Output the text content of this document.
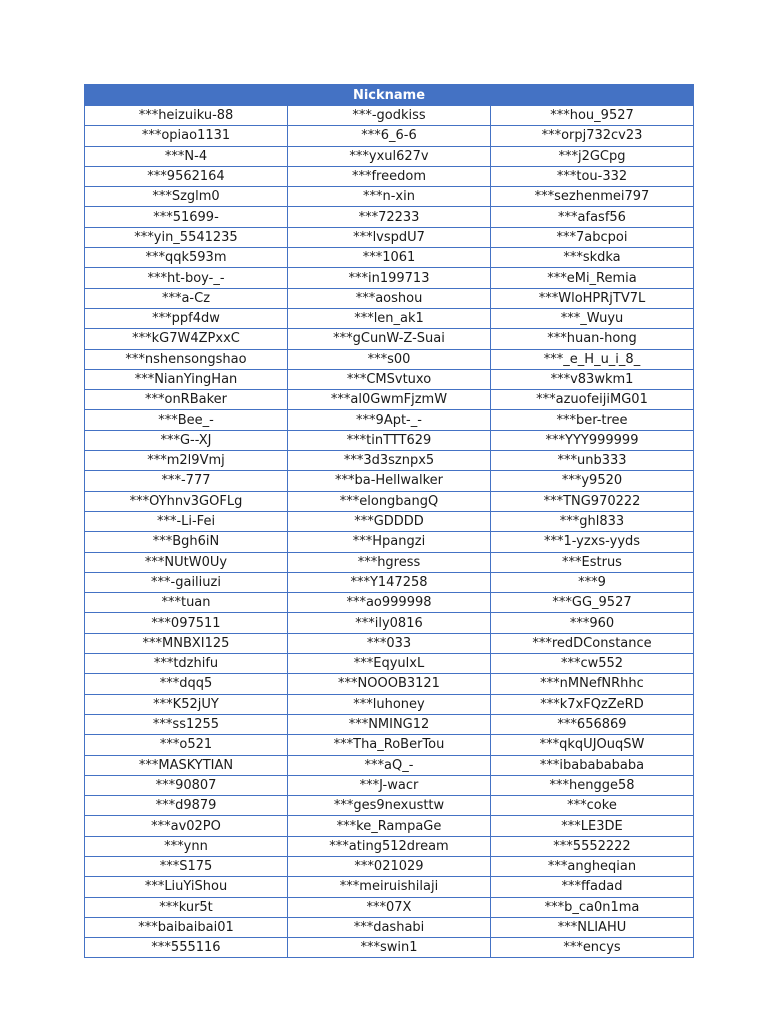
Nickname		
***heizuiku-88	***-godkiss	***hou_9527
***opiao1131	***6_6-6	***orpj732cv23
***N-4	***yxul627v	***j2GCpg
***9562164	***freedom	***tou-332
***Szglm0	***n-xin	***sezhenmei797
***51699-	***72233	***afasf56
***yin_5541235	***lvspdU7	***7abcpoi
***qqk593m	***1061	***skdka
***ht-boy-_-	***in199713	***eMi_Remia
***a-Cz	***aoshou	***WloHPRjTV7L
***ppf4dw	***len_ak1	***_Wuyu
***kG7W4ZPxxC	***gCunW-Z-Suai	***huan-hong
***nshensongshao	***s00	***_e_H_u_i_8_
***NianYingHan	***CMSvtuxo	***v83wkm1
***onRBaker	***al0GwmFjzmW	***azuofeijiMG01
***Bee_-	***9Apt-_-	***ber-tree
***G--XJ	***tinTTT629	***YYY999999
***m2l9Vmj	***3d3sznpx5	***unb333
***-777	***ba-Hellwalker	***y9520
***OYhnv3GOFLg	***elongbangQ	***TNG970222
***-Li-Fei	***GDDDD	***ghl833
***Bgh6iN	***Hpangzi	***1-yzxs-yyds
***NUtW0Uy	***hgress	***Estrus
***-gailiuzi	***Y147258	***9
***tuan	***ao999998	***GG_9527
***097511	***ily0816	***960
***MNBXI125	***033	***redDConstance
***tdzhifu	***EqyulxL	***cw552
***dqq5	***NOOOB3121	***nMNefNRhhc
***K52jUY	***luhoney	***k7xFQzZeRD
***ss1255	***NMING12	***656869
***o521	***Tha_RoBerTou	***qkqUJOuqSW
***MASKYTIAN	***aQ_-	***ibababababa
***90807	***J-wacr	***hengge58
***d9879	***ges9nexusttw	***coke
***av02PO	***ke_RampaGe	***LE3DE
***ynn	***ating512dream	***5552222
***S175	***021029	***angheqian
***LiuYiShou	***meiruishilaji	***ffadad
***kur5t	***07X	***b_ca0n1ma
***baibaibai01	***dashabi	***NLIAHU
***555116	***swin1	***encys
